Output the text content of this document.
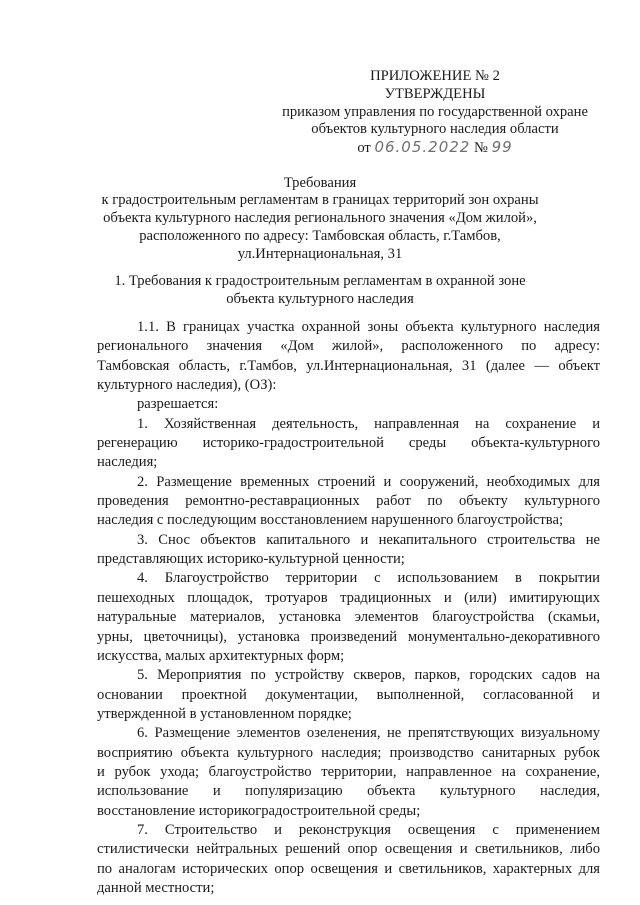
ПРИЛОЖЕНИЕ № 2
УТВЕРЖДЕНЫ
приказом управления по государственной охране
объектов культурного наследия области
от 06.05.2022 № 99
Требования
к градостроительным регламентам в границах территорий зон охраны
объекта культурного наследия регионального значения «Дом жилой»,
расположенного по адресу: Тамбовская область, г.Тамбов,
ул.Интернациональная, 31
1. Требования к градостроительным регламентам в охранной зоне
объекта культурного наследия

1.1. В границах участка охранной зоны объекта культурного наследия

регионального значения «Дом жилой», расположенного по адресу:

Тамбовская область, г.Тамбов, ул.Интернациональная, 31 (далее — объект

культурного наследия), (ОЗ):

разрешается:

1. Хозяйственная деятельность, направленная на сохранение и

регенерацию историко-градостроительной среды объекта-культурного

наследия;

2. Размещение временных строений и сооружений, необходимых для

проведения ремонтно-реставрационных работ по объекту культурного

наследия с последующим восстановлением нарушенного благоустройства;

3. Снос объектов капитального и некапитального строительства не

представляющих историко-культурной ценности;

4. Благоустройство территории с использованием в покрытии

пешеходных площадок, тротуаров традиционных и (или) имитирующих

натуральные материалов, установка элементов благоустройства (скамьи,

урны, цветочницы), установка произведений монументально-декоративного

искусства, малых архитектурных форм;

5. Мероприятия по устройству скверов, парков, городских садов на

основании проектной документации, выполненной, согласованной и

утвержденной в установленном порядке;

6. Размещение элементов озеленения, не препятствующих визуальному

восприятию объекта культурного наследия; производство санитарных рубок

и рубок ухода; благоустройство территории, направленное на сохранение,

использование и популяризацию объекта культурного наследия,

восстановление историкоградостроительной среды;

7. Строительство и реконструкция освещения с применением

стилистически нейтральных решений опор освещения и светильников, либо

по аналогам исторических опор освещения и светильников, характерных для

данной местности;
